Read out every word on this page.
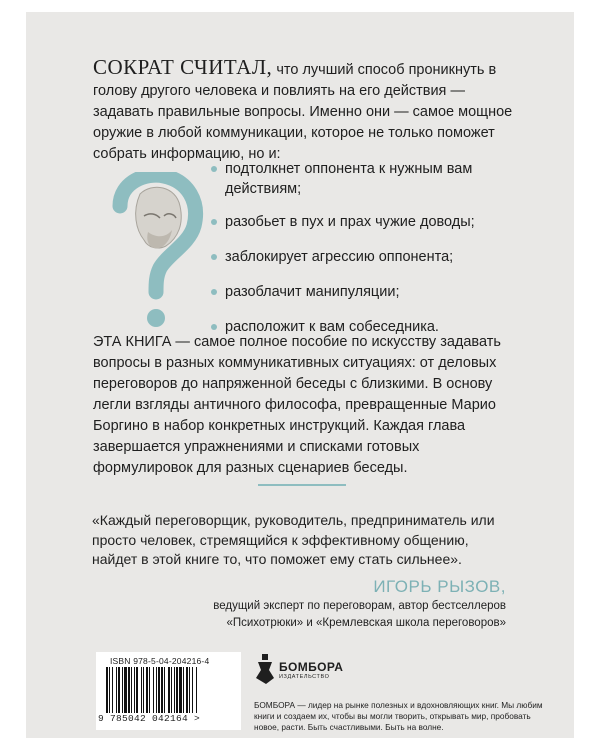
СОКРАТ СЧИТАЛ, что лучший способ проникнуть в голову другого человека и повлиять на его действия — задавать правильные вопросы. Именно они — самое мощное оружие в любой коммуникации, которое не только поможет собрать информацию, но и:

подтолкнет оппонента к нужным вам действиям;
разобьет в пух и прах чужие доводы;
заблокирует агрессию оппонента;
разоблачит манипуляции;
расположит к вам собеседника.

ЭТА КНИГА — самое полное пособие по искусству задавать вопросы в разных коммуникативных ситуациях: от деловых переговоров до напряженной беседы с близкими. В основу легли взгляды античного философа, превращенные Марио Боргино в набор конкретных инструкций. Каждая глава завершается упражнениями и списками готовых формулировок для разных сценариев беседы.

«Каждый переговорщик, руководитель, предприниматель или просто человек, стремящийся к эффективному общению, найдет в этой книге то, что поможет ему стать сильнее».

ИГОРЬ РЫЗОВ,
ведущий эксперт по переговорам, автор бестселлеров
«Психотрюки» и «Кремлевская школа переговоров»
ISBN 978-5-04-204216-4
9 785042 042164 >
БОМБОРА
ИЗДАТЕЛЬСТВО

БОМБОРА — лидер на рынке полезных и вдохновляющих книг. Мы любим книги и создаем их, чтобы вы могли творить, открывать мир, пробовать новое, расти. Быть счастливыми. Быть на волне.
